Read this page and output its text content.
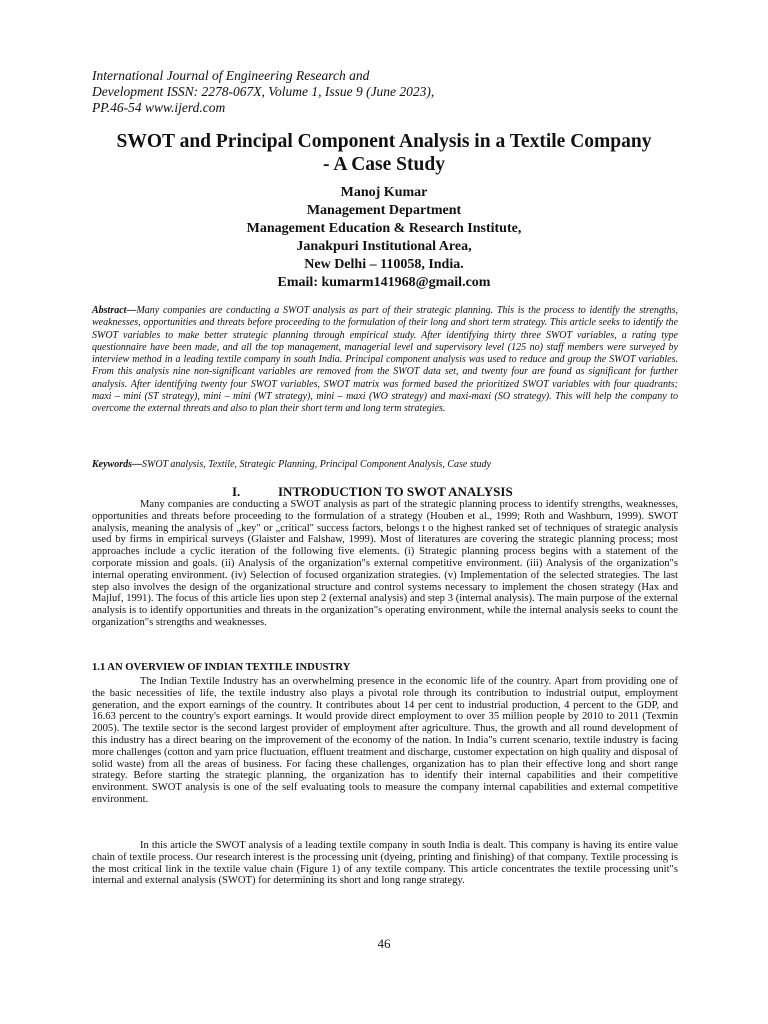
International Journal of Engineering Research and
Development ISSN: 2278-067X, Volume 1, Issue 9 (June 2023),
PP.46-54 www.ijerd.com
SWOT and Principal Component Analysis in a Textile Company
- A Case Study
Manoj Kumar
Management Department
Management Education & Research Institute,
Janakpuri Institutional Area,
New Delhi – 110058, India.
Email: kumarm141968@gmail.com
Abstract—Many companies are conducting a SWOT analysis as part of their strategic planning. This is the process to identify the strengths, weaknesses, opportunities and threats before proceeding to the formulation of their long and short term strategy. This article seeks to identify the SWOT variables to make better strategic planning through empirical study. After identifying thirty three SWOT variables, a rating type questionnaire have been made, and all the top management, managerial level and supervisory level (125 no) staff members were surveyed by interview method in a leading textile company in south India. Principal component analysis was used to reduce and group the SWOT variables. From this analysis nine non-significant variables are removed from the SWOT data set, and twenty four are found as significant for further analysis. After identifying twenty four SWOT variables, SWOT matrix was formed based the prioritized SWOT variables with four quadrants; maxi – mini (ST strategy), mini – mini (WT strategy), mini – maxi (WO strategy) and maxi-maxi (SO strategy). This will help the company to overcome the external threats and also to plan their short term and long term strategies.
Keywords—SWOT analysis, Textile, Strategic Planning, Principal Component Analysis, Case study
I.	INTRODUCTION TO SWOT ANALYSIS
Many companies are conducting a SWOT analysis as part of the strategic planning process to identify strengths, weaknesses, opportunities and threats before proceeding to the formulation of a strategy (Houben et al., 1999; Roth and Washburn, 1999). SWOT analysis, meaning the analysis of „key" or „critical" success factors, belongs t o the highest ranked set of techniques of strategic analysis used by firms in empirical surveys (Glaister and Falshaw, 1999). Most of literatures are covering the strategic planning process; most approaches include a cyclic iteration of the following five elements. (i) Strategic planning process begins with a statement of the corporate mission and goals. (ii) Analysis of the organization"s external competitive environment. (iii) Analysis of the organization"s internal operating environment. (iv) Selection of focused organization strategies. (v) Implementation of the selected strategies. The last step also involves the design of the organizational structure and control systems necessary to implement the chosen strategy (Hax and Majluf, 1991). The focus of this article lies upon step 2 (external analysis) and step 3 (internal analysis). The main purpose of the external analysis is to identify opportunities and threats in the organization"s operating environment, while the internal analysis seeks to count the organization"s strengths and weaknesses.
1.1 AN OVERVIEW OF INDIAN TEXTILE INDUSTRY
The Indian Textile Industry has an overwhelming presence in the economic life of the country. Apart from providing one of the basic necessities of life, the textile industry also plays a pivotal role through its contribution to industrial output, employment generation, and the export earnings of the country. It contributes about 14 per cent to industrial production, 4 percent to the GDP, and 16.63 percent to the country's export earnings. It would provide direct employment to over 35 million people by 2010 to 2011 (Texmin 2005). The textile sector is the second largest provider of employment after agriculture. Thus, the growth and all round development of this industry has a direct bearing on the improvement of the economy of the nation. In India"s current scenario, textile industry is facing more challenges (cotton and yarn price fluctuation, effluent treatment and discharge, customer expectation on high quality and disposal of solid waste) from all the areas of business. For facing these challenges, organization has to plan their effective long and short range strategy. Before starting the strategic planning, the organization has to identify their internal capabilities and their competitive environment. SWOT analysis is one of the self evaluating tools to measure the company internal capabilities and external competitive environment.
In this article the SWOT analysis of a leading textile company in south India is dealt. This company is having its entire value chain of textile process. Our research interest is the processing unit (dyeing, printing and finishing) of that company. Textile processing is the most critical link in the textile value chain (Figure 1) of any textile company. This article concentrates the textile processing unit"s internal and external analysis (SWOT) for determining its short and long range strategy.
46
